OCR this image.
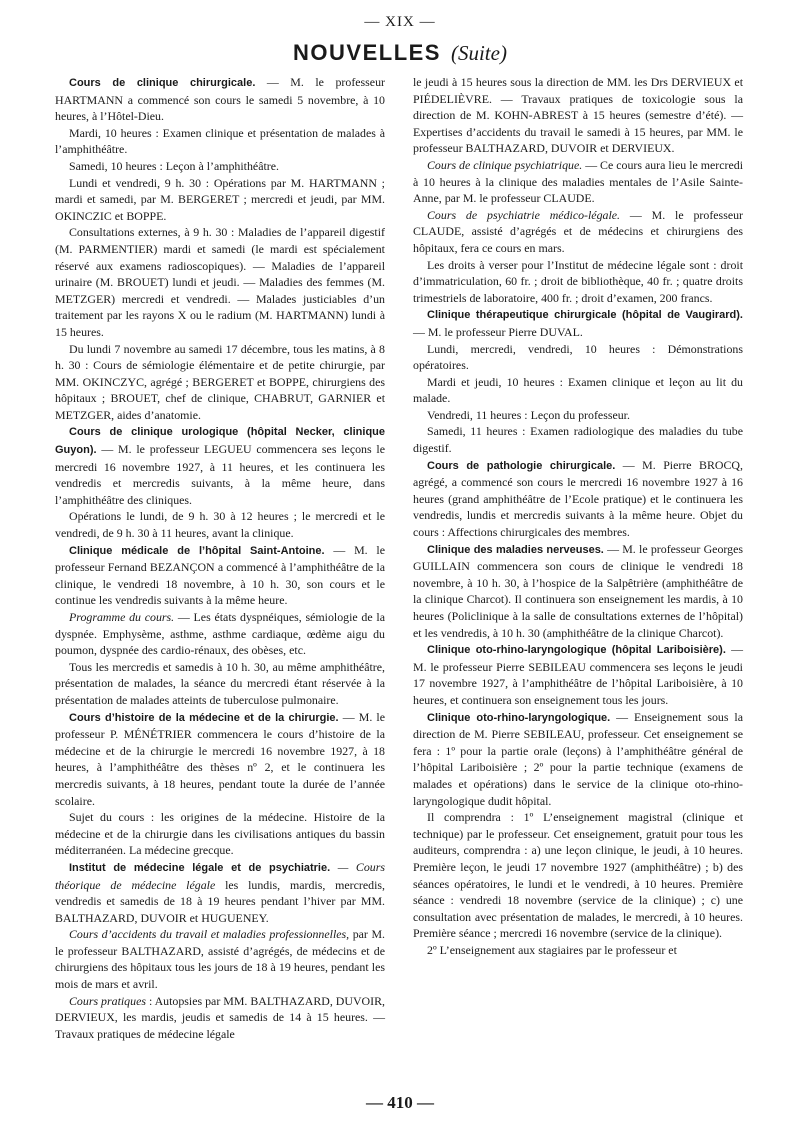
— XIX —
NOUVELLES (Suite)

Cours de clinique chirurgicale. — M. le professeur HARTMANN a commencé son cours le samedi 5 novembre, à 10 heures, à l’Hôtel-Dieu.

Mardi, 10 heures : Examen clinique et présentation de malades à l’amphithéâtre.

Samedi, 10 heures : Leçon à l’amphithéâtre.

Lundi et vendredi, 9 h. 30 : Opérations par M. HARTMANN ; mardi et samedi, par M. BERGERET ; mercredi et jeudi, par MM. OKINCZIC et BOPPE.

Consultations externes, à 9 h. 30 : Maladies de l’appareil digestif (M. PARMENTIER) mardi et samedi (le mardi est spécialement réservé aux examens radioscopiques). — Maladies de l’appareil urinaire (M. BROUET) lundi et jeudi. — Maladies des femmes (M. METZGER) mercredi et vendredi. — Malades justiciables d’un traitement par les rayons X ou le radium (M. HARTMANN) lundi à 15 heures.

Du lundi 7 novembre au samedi 17 décembre, tous les matins, à 8 h. 30 : Cours de sémiologie élémentaire et de petite chirurgie, par MM. OKINCZYC, agrégé ; BERGERET et BOPPE, chirurgiens des hôpitaux ; BROUET, chef de clinique, CHABRUT, GARNIER et METZGER, aides d’anatomie.

Cours de clinique urologique (hôpital Necker, clinique Guyon). — M. le professeur LEGUEU commencera ses leçons le mercredi 16 novembre 1927, à 11 heures, et les continuera les vendredis et mercredis suivants, à la même heure, dans l’amphithéâtre des cliniques.

Opérations le lundi, de 9 h. 30 à 12 heures ; le mercredi et le vendredi, de 9 h. 30 à 11 heures, avant la clinique.

Clinique médicale de l’hôpital Saint-Antoine. — M. le professeur Fernand BEZANÇON a commencé à l’amphithéâtre de la clinique, le vendredi 18 novembre, à 10 h. 30, son cours et le continue les vendredis suivants à la même heure.

Programme du cours. — Les états dyspnéiques, sémiologie de la dyspnée. Emphysème, asthme, asthme cardiaque, œdème aigu du poumon, dyspnée des cardio-rénaux, des obèses, etc.

Tous les mercredis et samedis à 10 h. 30, au même amphithéâtre, présentation de malades, la séance du mercredi étant réservée à la présentation de malades atteints de tuberculose pulmonaire.

Cours d’histoire de la médecine et de la chirurgie. — M. le professeur P. MÉNÉTRIER commencera le cours d’histoire de la médecine et de la chirurgie le mercredi 16 novembre 1927, à 18 heures, à l’amphithéâtre des thèses nº 2, et le continuera les mercredis suivants, à 18 heures, pendant toute la durée de l’année scolaire.

Sujet du cours : les origines de la médecine. Histoire de la médecine et de la chirurgie dans les civilisations antiques du bassin méditerranéen. La médecine grecque.

Institut de médecine légale et de psychiatrie. — Cours théorique de médecine légale les lundis, mardis, mercredis, vendredis et samedis de 18 à 19 heures pendant l’hiver par MM. BALTHAZARD, DUVOIR et HUGUENEY.

Cours d’accidents du travail et maladies professionnelles, par M. le professeur BALTHAZARD, assisté d’agrégés, de médecins et de chirurgiens des hôpitaux tous les jours de 18 à 19 heures, pendant les mois de mars et avril.

Cours pratiques : Autopsies par MM. BALTHAZARD, DUVOIR, DERVIEUX, les mardis, jeudis et samedis de 14 à 15 heures. — Travaux pratiques de médecine légale

le jeudi à 15 heures sous la direction de MM. les Drs DERVIEUX et PIÉDELIÈVRE. — Travaux pratiques de toxicologie sous la direction de M. KOHN-ABREST à 15 heures (semestre d’été). — Expertises d’accidents du travail le samedi à 15 heures, par MM. le professeur BALTHAZARD, DUVOIR et DERVIEUX.

Cours de clinique psychiatrique. — Ce cours aura lieu le mercredi à 10 heures à la clinique des maladies mentales de l’Asile Sainte-Anne, par M. le professeur CLAUDE.

Cours de psychiatrie médico-légale. — M. le professeur CLAUDE, assisté d’agrégés et de médecins et chirurgiens des hôpitaux, fera ce cours en mars.

Les droits à verser pour l’Institut de médecine légale sont : droit d’immatriculation, 60 fr. ; droit de bibliothèque, 40 fr. ; quatre droits trimestriels de laboratoire, 400 fr. ; droit d’examen, 200 francs.

Clinique thérapeutique chirurgicale (hôpital de Vaugirard). — M. le professeur Pierre DUVAL.

Lundi, mercredi, vendredi, 10 heures : Démonstrations opératoires.

Mardi et jeudi, 10 heures : Examen clinique et leçon au lit du malade.

Vendredi, 11 heures : Leçon du professeur.

Samedi, 11 heures : Examen radiologique des maladies du tube digestif.

Cours de pathologie chirurgicale. — M. Pierre BROCQ, agrégé, a commencé son cours le mercredi 16 novembre 1927 à 16 heures (grand amphithéâtre de l’Ecole pratique) et le continuera les vendredis, lundis et mercredis suivants à la même heure. Objet du cours : Affections chirurgicales des membres.

Clinique des maladies nerveuses. — M. le professeur Georges GUILLAIN commencera son cours de clinique le vendredi 18 novembre, à 10 h. 30, à l’hospice de la Salpêtrière (amphithéâtre de la clinique Charcot). Il continuera son enseignement les mardis, à 10 heures (Policlinique à la salle de consultations externes de l’hôpital) et les vendredis, à 10 h. 30 (amphithéâtre de la clinique Charcot).

Clinique oto-rhino-laryngologique (hôpital Lariboisière). — M. le professeur Pierre SEBILEAU commencera ses leçons le jeudi 17 novembre 1927, à l’amphithéâtre de l’hôpital Lariboisière, à 10 heures, et continuera son enseignement tous les jours.

Clinique oto-rhino-laryngologique. — Enseignement sous la direction de M. Pierre SEBILEAU, professeur. Cet enseignement se fera : 1º pour la partie orale (leçons) à l’amphithéâtre général de l’hôpital Lariboisière ; 2º pour la partie technique (examens de malades et opérations) dans le service de la clinique oto-rhino-laryngologique dudit hôpital.

Il comprendra : 1º L’enseignement magistral (clinique et technique) par le professeur. Cet enseignement, gratuit pour tous les auditeurs, comprendra : a) une leçon clinique, le jeudi, à 10 heures. Première leçon, le jeudi 17 novembre 1927 (amphithéâtre) ; b) des séances opératoires, le lundi et le vendredi, à 10 heures. Première séance : vendredi 18 novembre (service de la clinique) ; c) une consultation avec présentation de malades, le mercredi, à 10 heures. Première séance ; mercredi 16 novembre (service de la clinique).

2º L’enseignement aux stagiaires par le professeur et

— 410 —
